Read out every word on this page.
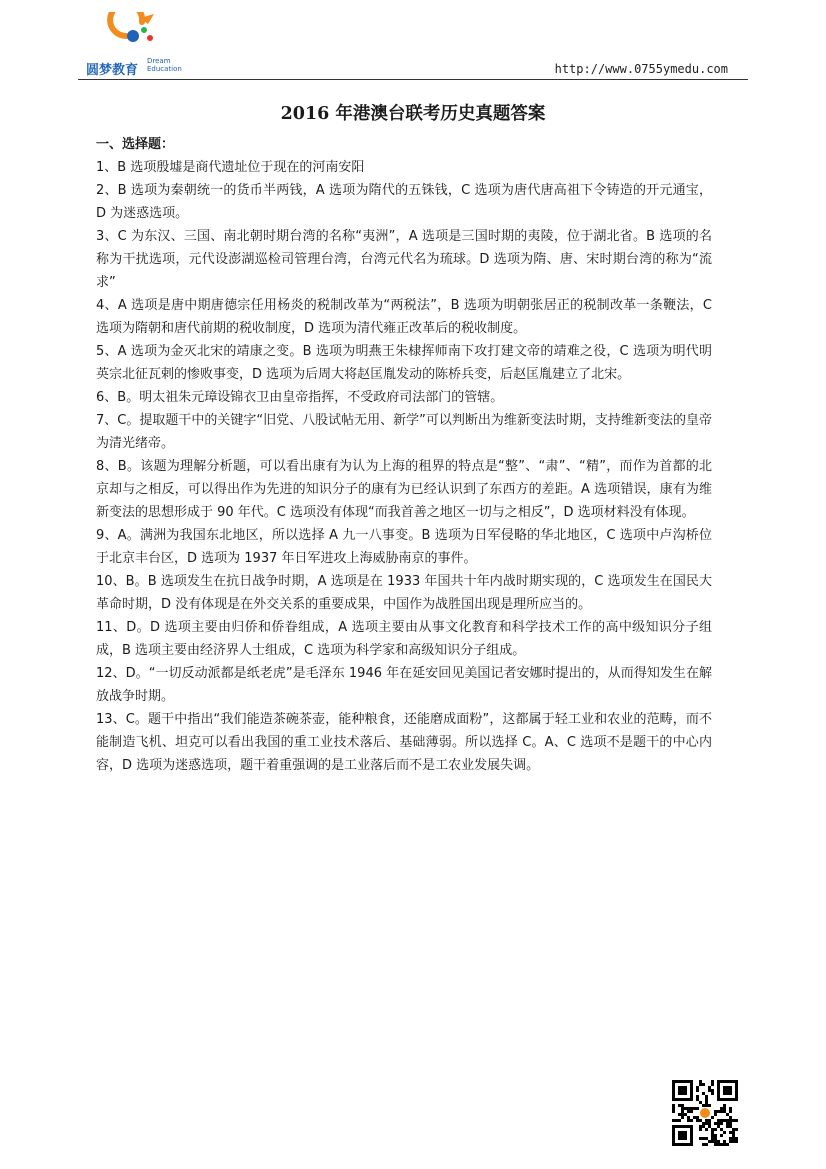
圆梦教育
Dream
Education	http://www.0755ymedu.com
2016 年港澳台联考历史真题答案

一、选择题：

1、B 选项殷墟是商代遗址位于现在的河南安阳

2、B 选项为秦朝统一的货币半两钱，A 选项为隋代的五铢钱，C 选项为唐代唐高祖下令铸造的开元通宝，D 为迷惑选项。

3、C 为东汉、三国、南北朝时期台湾的名称“夷洲”，A 选项是三国时期的夷陵，位于湖北省。B 选项的名称为干扰选项，元代设澎湖巡检司管理台湾，台湾元代名为琉球。D 选项为隋、唐、宋时期台湾的称为“流求”

4、A 选项是唐中期唐德宗任用杨炎的税制改革为“两税法”，B 选项为明朝张居正的税制改革一条鞭法，C 选项为隋朝和唐代前期的税收制度，D 选项为清代雍正改革后的税收制度。

5、A 选项为金灭北宋的靖康之变。B 选项为明燕王朱棣挥师南下攻打建文帝的靖难之役，C 选项为明代明英宗北征瓦剌的惨败事变，D 选项为后周大将赵匡胤发动的陈桥兵变，后赵匡胤建立了北宋。

6、B。明太祖朱元璋设锦衣卫由皇帝指挥，不受政府司法部门的管辖。

7、C。提取题干中的关键字“旧党、八股试帖无用、新学”可以判断出为维新变法时期，支持维新变法的皇帝为清光绪帝。

8、B。该题为理解分析题，可以看出康有为认为上海的租界的特点是“整”、“肃”、“精”，而作为首都的北京却与之相反，可以得出作为先进的知识分子的康有为已经认识到了东西方的差距。A 选项错误，康有为维新变法的思想形成于 90 年代。C 选项没有体现“而我首善之地区一切与之相反”，D 选项材料没有体现。

9、A。满洲为我国东北地区，所以选择 A 九一八事变。B 选项为日军侵略的华北地区，C 选项中卢沟桥位于北京丰台区，D 选项为 1937 年日军进攻上海威胁南京的事件。

10、B。B 选项发生在抗日战争时期，A 选项是在 1933 年国共十年内战时期实现的，C 选项发生在国民大革命时期，D 没有体现是在外交关系的重要成果，中国作为战胜国出现是理所应当的。

11、D。D 选项主要由归侨和侨眷组成，A 选项主要由从事文化教育和科学技术工作的高中级知识分子组成，B 选项主要由经济界人士组成，C 选项为科学家和高级知识分子组成。

12、D。“一切反动派都是纸老虎”是毛泽东 1946 年在延安回见美国记者安娜时提出的，从而得知发生在解放战争时期。

13、C。题干中指出“我们能造茶碗茶壶，能种粮食，还能磨成面粉”，这都属于轻工业和农业的范畴，而不能制造飞机、坦克可以看出我国的重工业技术落后、基础薄弱。所以选择 C。A、C 选项不是题干的中心内容，D 选项为迷惑选项，题干着重强调的是工业落后而不是工农业发展失调。
